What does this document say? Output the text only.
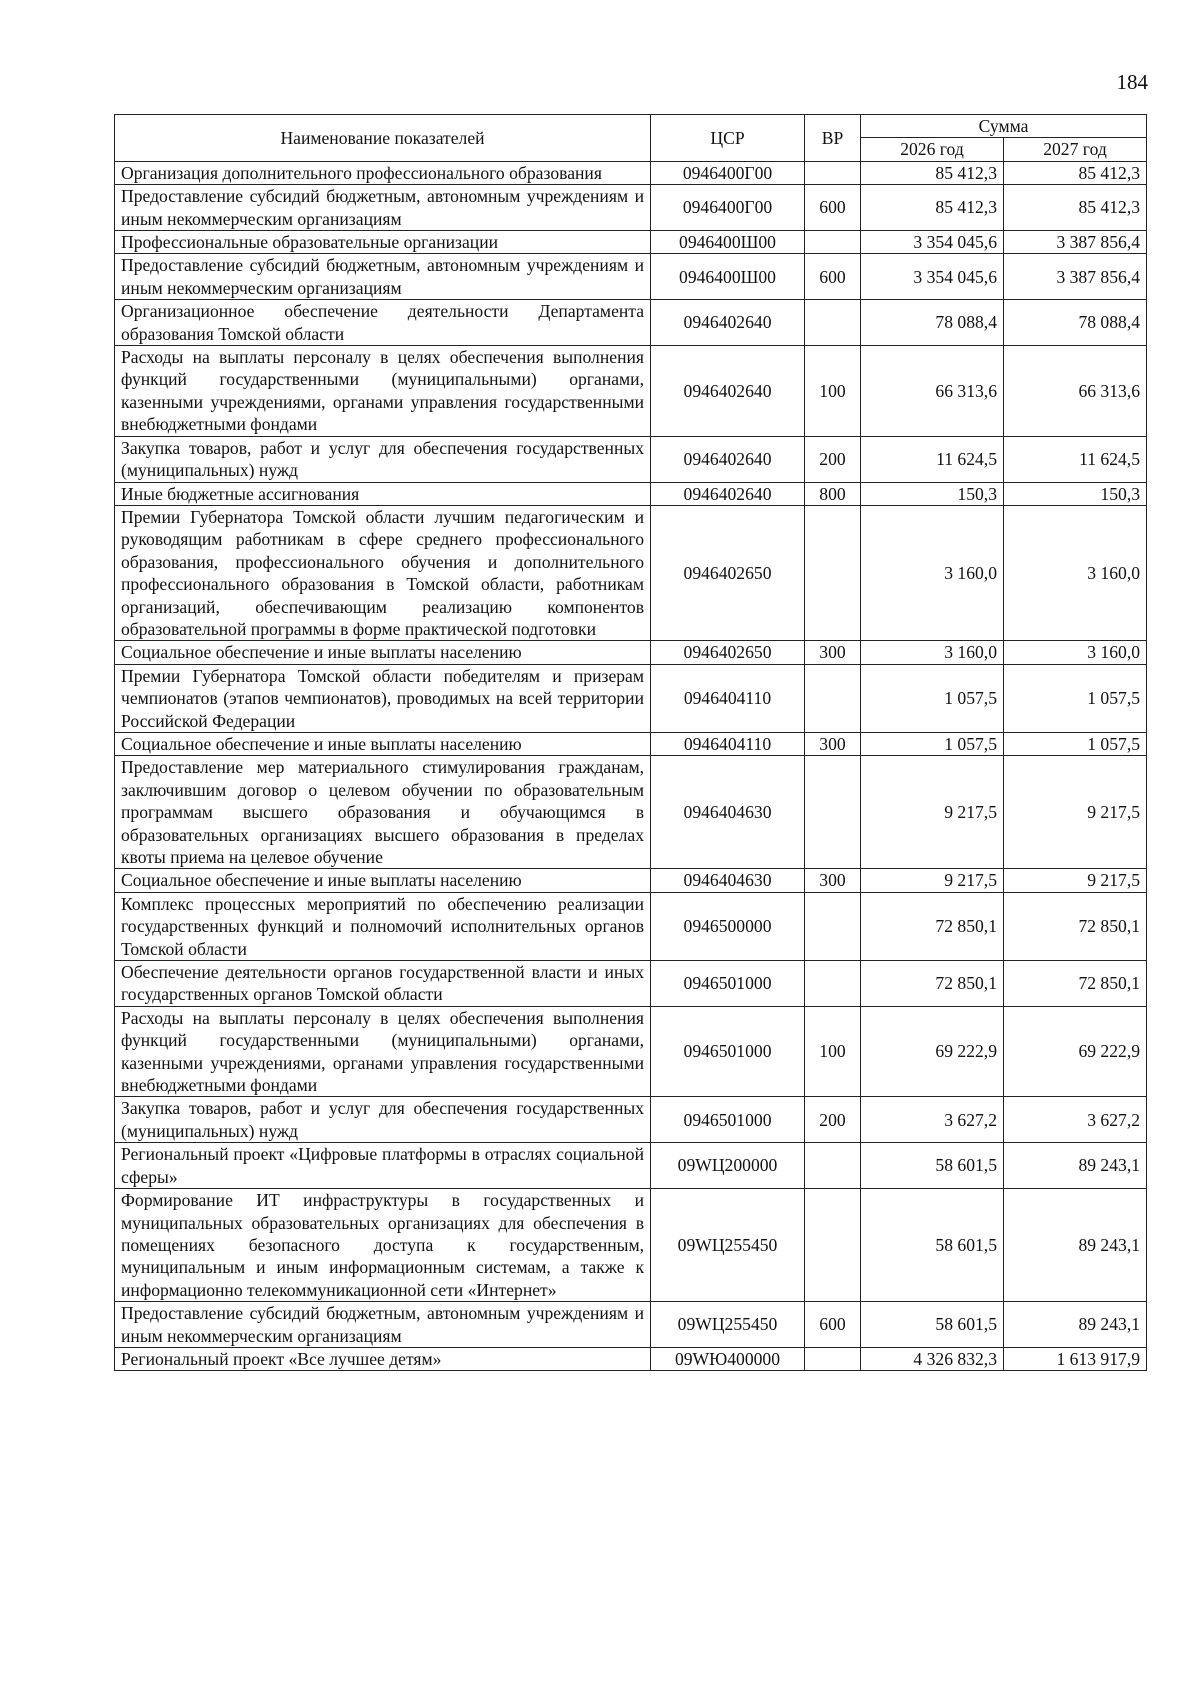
184
Наименование показателей	ЦСР	ВР	Сумма	
			2026 год	2027 год
Организация дополнительного профессионального образования	0946400Г00		85 412,3	85 412,3
Предоставление субсидий бюджетным, автономным учреждениям и иным некоммерческим организациям	0946400Г00	600	85 412,3	85 412,3
Профессиональные образовательные организации	0946400Ш00		3 354 045,6	3 387 856,4
Предоставление субсидий бюджетным, автономным учреждениям и иным некоммерческим организациям	0946400Ш00	600	3 354 045,6	3 387 856,4
Организационное обеспечение деятельности Департамента образования Томской области	0946402640		78 088,4	78 088,4
Расходы на выплаты персоналу в целях обеспечения выполнения функций государственными (муниципальными) органами, казенными учреждениями, органами управления государственными внебюджетными фондами	0946402640	100	66 313,6	66 313,6
Закупка товаров, работ и услуг для обеспечения государственных (муниципальных) нужд	0946402640	200	11 624,5	11 624,5
Иные бюджетные ассигнования	0946402640	800	150,3	150,3
Премии Губернатора Томской области лучшим педагогическим и руководящим работникам в сфере среднего профессионального образования, профессионального обучения и дополнительного профессионального образования в Томской области, работникам организаций, обеспечивающим реализацию компонентов образовательной программы в форме практической подготовки	0946402650		3 160,0	3 160,0
Социальное обеспечение и иные выплаты населению	0946402650	300	3 160,0	3 160,0
Премии Губернатора Томской области победителям и призерам чемпионатов (этапов чемпионатов), проводимых на всей территории Российской Федерации	0946404110		1 057,5	1 057,5
Социальное обеспечение и иные выплаты населению	0946404110	300	1 057,5	1 057,5
Предоставление мер материального стимулирования гражданам, заключившим договор о целевом обучении по образовательным программам высшего образования и обучающимся в образовательных организациях высшего образования в пределах квоты приема на целевое обучение	0946404630		9 217,5	9 217,5
Социальное обеспечение и иные выплаты населению	0946404630	300	9 217,5	9 217,5
Комплекс процессных мероприятий по обеспечению реализации государственных функций и полномочий исполнительных органов Томской области	0946500000		72 850,1	72 850,1
Обеспечение деятельности органов государственной власти и иных государственных органов Томской области	0946501000		72 850,1	72 850,1
Расходы на выплаты персоналу в целях обеспечения выполнения функций государственными (муниципальными) органами, казенными учреждениями, органами управления государственными внебюджетными фондами	0946501000	100	69 222,9	69 222,9
Закупка товаров, работ и услуг для обеспечения государственных (муниципальных) нужд	0946501000	200	3 627,2	3 627,2
Региональный проект «Цифровые платформы в отраслях социальной сферы»	09WЦ200000		58 601,5	89 243,1
Формирование ИТ инфраструктуры в государственных и муниципальных образовательных организациях для обеспечения в помещениях безопасного доступа к государственным, муниципальным и иным информационным системам, а также к информационно телекоммуникационной сети «Интернет»	09WЦ255450		58 601,5	89 243,1
Предоставление субсидий бюджетным, автономным учреждениям и иным некоммерческим организациям	09WЦ255450	600	58 601,5	89 243,1
Региональный проект «Все лучшее детям»	09WЮ400000		4 326 832,3	1 613 917,9
